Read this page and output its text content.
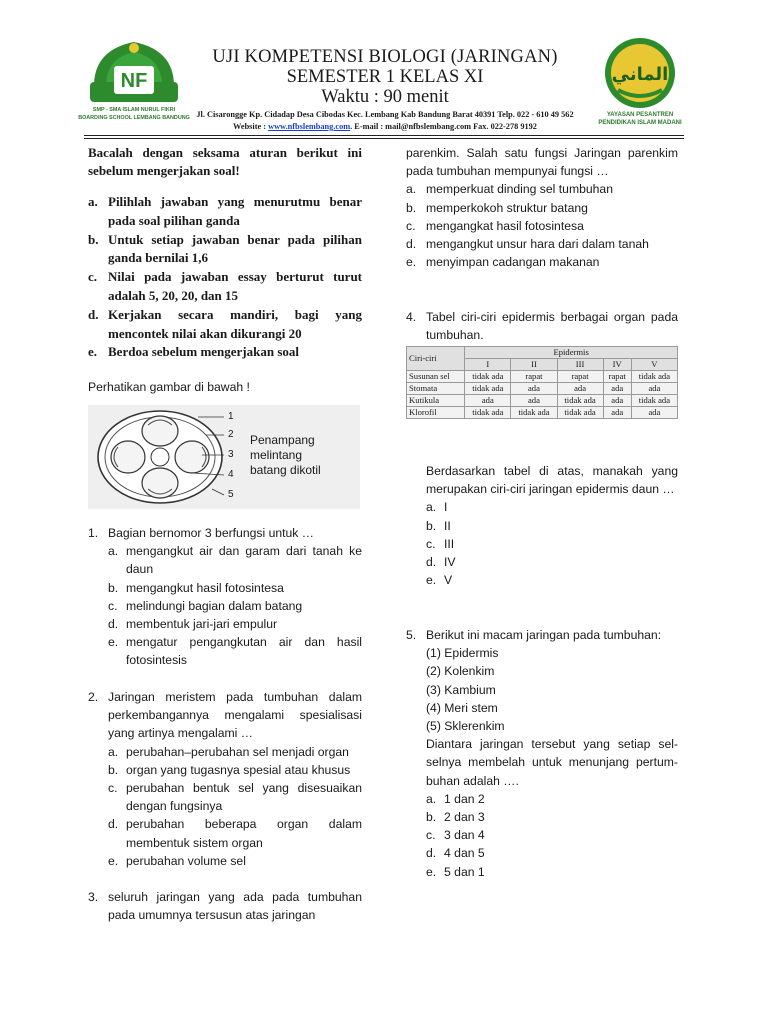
NF
SMP - SMA ISLAM NURUL FIKRI BOARDING SCHOOL LEMBANG BANDUNG
الماني
YAYASAN PESANTREN PENDIDIKAN ISLAM MADANI
UJI KOMPETENSI BIOLOGI (JARINGAN)
SEMESTER 1 KELAS XI
Waktu : 90 menit
Jl. Cisarongge Kp. Cidadap Desa Cibodas Kec. Lembang Kab Bandung Barat 40391 Telp. 022 - 610 49 562
Website : www.nfbslembang.com. E-mail : mail@nfbslembang.com Fax. 022-278 9192
Bacalah dengan seksama aturan berikut ini sebelum mengerjakan soal!
a. Pilihlah jawaban yang menurutmu benar pada soal pilihan ganda
b. Untuk setiap jawaban benar pada pilihan ganda bernilai 1,6
c. Nilai pada jawaban essay berturut turut adalah 5, 20, 20, dan 15
d. Kerjakan secara mandiri, bagi yang mencontek nilai akan dikurangi 20
e. Berdoa sebelum mengerjakan soal
Perhatikan gambar di bawah !
1
2
3
4
5
Penampang melintang
batang dikotil
1. Bagian bernomor 3 berfungsi untuk …
a. mengangkut air dan garam dari tanah ke daun
b. mengangkut hasil fotosintesa
c. melindungi bagian dalam batang
d. membentuk jari-jari empulur
e. mengatur pengangkutan air dan hasil fotosintesis
2. Jaringan meristem pada tumbuhan dalam perkembangannya mengalami spesialisasi yang artinya mengalami …
a. perubahan–perubahan sel menjadi organ
b. organ yang tugasnya spesial atau khusus
c. perubahan bentuk sel yang disesuaikan dengan fungsinya
d. perubahan beberapa organ dalam membentuk sistem organ
e. perubahan volume sel
3. seluruh jaringan yang ada pada tumbuhan pada umumnya tersusun atas jaringan
parenkim. Salah satu fungsi Jaringan parenkim pada tumbuhan mempunyai fungsi …
a. memperkuat dinding sel tumbuhan
b. memperkokoh struktur batang
c. mengangkat hasil fotosintesa
d. mengangkut unsur hara dari dalam tanah
e. menyimpan cadangan makanan
4. Tabel ciri-ciri epidermis berbagai organ pada tumbuhan.
Ciri-ciri	Epidermis				
	I	II	III	IV	V
Susunan sel	tidak ada	rapat	rapat	rapat	tidak ada
Stomata	tidak ada	ada	ada	ada	ada
Kutikula	ada	ada	tidak ada	ada	tidak ada
Klorofil	tidak ada	tidak ada	tidak ada	ada	ada
Berdasarkan tabel di atas, manakah yang merupakan ciri-ciri jaringan epidermis daun …
a. I
b. II
c. III
d. IV
e. V
5. Berikut ini macam jaringan pada tumbuhan:
(1) Epidermis
(2) Kolenkim
(3) Kambium
(4) Meri stem
(5) Sklerenkim
Diantara jaringan tersebut yang setiap sel-selnya membelah untuk menunjang pertum-buhan adalah ….
a. 1 dan 2
b. 2 dan 3
c. 3 dan 4
d. 4 dan 5
e. 5 dan 1
